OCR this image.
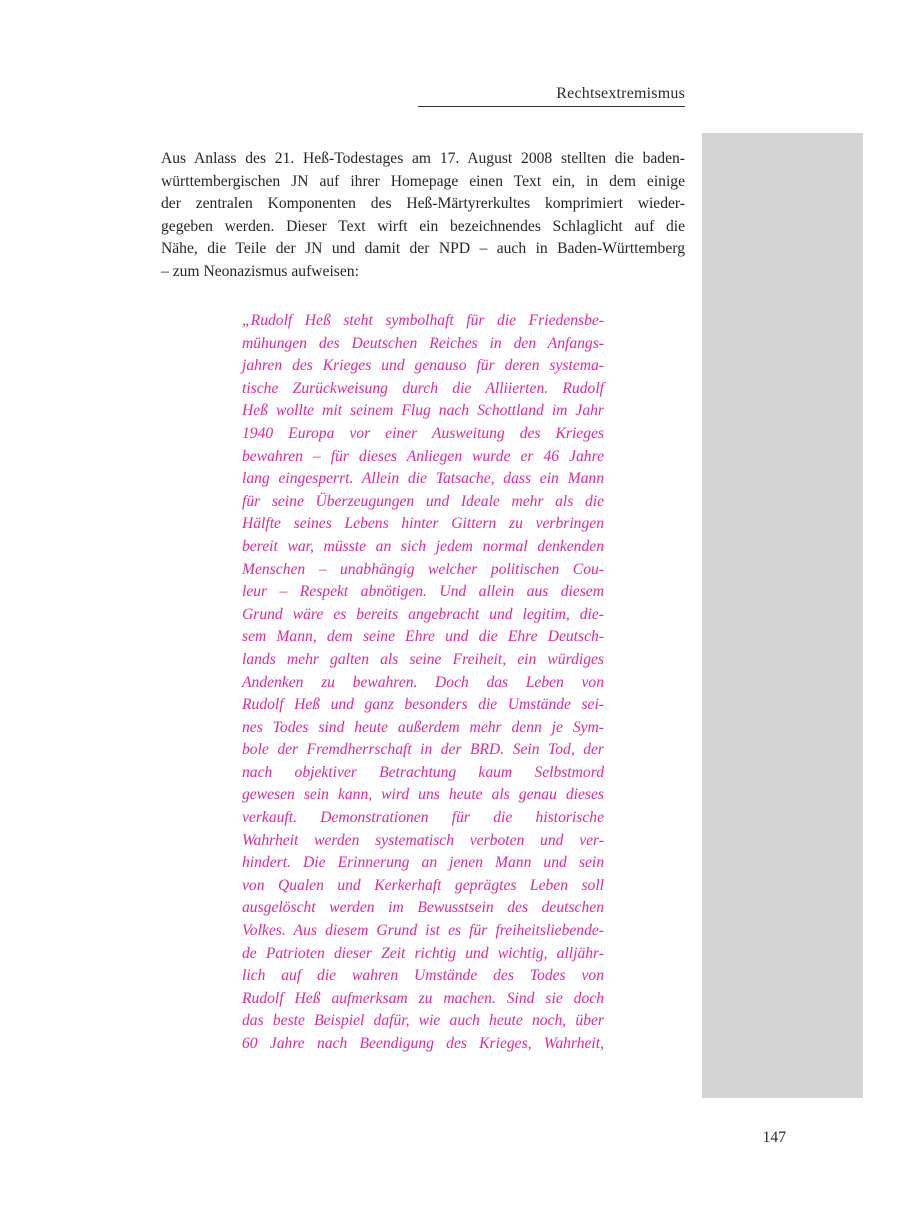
Rechtsextremismus
Aus Anlass des 21. Heß-Todestages am 17. August 2008 stellten die baden-
württembergischen JN auf ihrer Homepage einen Text ein, in dem einige
der zentralen Komponenten des Heß-Märtyrerkultes komprimiert wieder-
gegeben werden. Dieser Text wirft ein bezeichnendes Schlaglicht auf die
Nähe, die Teile der JN und damit der NPD – auch in Baden-Württemberg
– zum Neonazismus aufweisen:
„Rudolf Heß steht symbolhaft für die Friedensbe-
mühungen des Deutschen Reiches in den Anfangs-
jahren des Krieges und genauso für deren systema-
tische Zurückweisung durch die Alliierten. Rudolf
Heß wollte mit seinem Flug nach Schottland im Jahr
1940 Europa vor einer Ausweitung des Krieges
bewahren – für dieses Anliegen wurde er 46 Jahre
lang eingesperrt. Allein die Tatsache, dass ein Mann
für seine Überzeugungen und Ideale mehr als die
Hälfte seines Lebens hinter Gittern zu verbringen
bereit war, müsste an sich jedem normal denkenden
Menschen – unabhängig welcher politischen Cou-
leur – Respekt abnötigen. Und allein aus diesem
Grund wäre es bereits angebracht und legitim, die-
sem Mann, dem seine Ehre und die Ehre Deutsch-
lands mehr galten als seine Freiheit, ein würdiges
Andenken zu bewahren. Doch das Leben von
Rudolf Heß und ganz besonders die Umstände sei-
nes Todes sind heute außerdem mehr denn je Sym-
bole der Fremdherrschaft in der BRD. Sein Tod, der
nach objektiver Betrachtung kaum Selbstmord
gewesen sein kann, wird uns heute als genau dieses
verkauft. Demonstrationen für die historische
Wahrheit werden systematisch verboten und ver-
hindert. Die Erinnerung an jenen Mann und sein
von Qualen und Kerkerhaft geprägtes Leben soll
ausgelöscht werden im Bewusstsein des deutschen
Volkes. Aus diesem Grund ist es für freiheitsliebende-
de Patrioten dieser Zeit richtig und wichtig, alljähr-
lich auf die wahren Umstände des Todes von
Rudolf Heß aufmerksam zu machen. Sind sie doch
das beste Beispiel dafür, wie auch heute noch, über
60 Jahre nach Beendigung des Krieges, Wahrheit,
147
